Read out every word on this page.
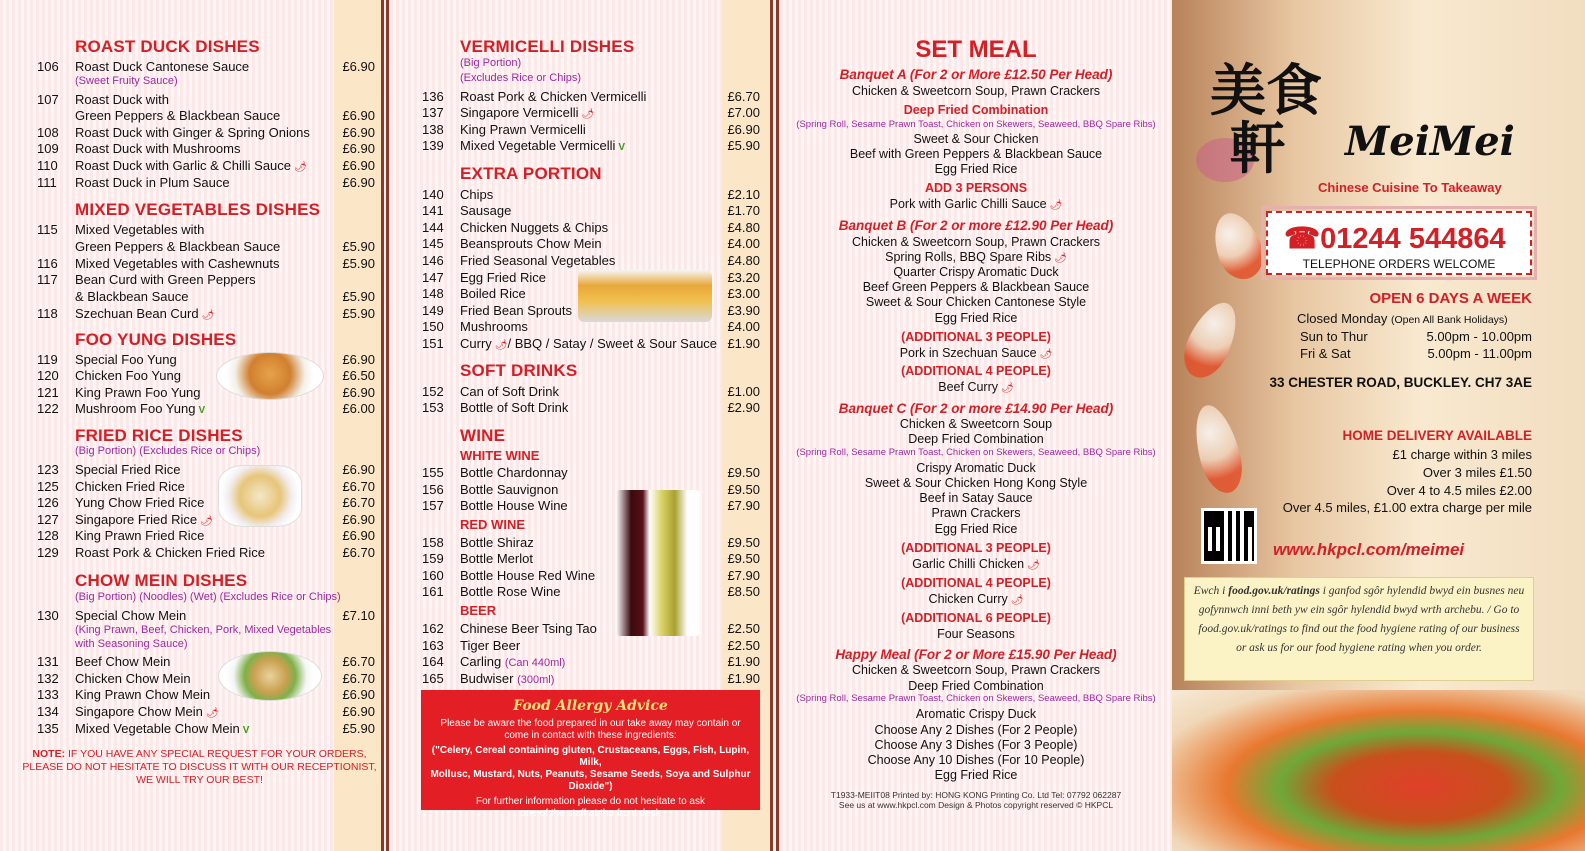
ROAST DUCK DISHES
106	Roast Duck Cantonese Sauce	£6.90
(Sweet Fruity Sauce)
107	Roast Duck with
Green Peppers & Blackbean Sauce	£6.90
108	Roast Duck with Ginger & Spring Onions	£6.90
109	Roast Duck with Mushrooms	£6.90
110	Roast Duck with Garlic & Chilli Sauce 🌶	£6.90
111	Roast Duck in Plum Sauce	£6.90
MIXED VEGETABLES DISHES
115	Mixed Vegetables with
Green Peppers & Blackbean Sauce	£5.90
116	Mixed Vegetables with Cashewnuts	£5.90
117	Bean Curd with Green Peppers
& Blackbean Sauce	£5.90
118	Szechuan Bean Curd 🌶	£5.90
FOO YUNG DISHES
119	Special Foo Yung	£6.90
120	Chicken Foo Yung	£6.50
121	King Prawn Foo Yung	£6.90
122	Mushroom Foo Yung V	£6.00
FRIED RICE DISHES
(Big Portion) (Excludes Rice or Chips)
123	Special Fried Rice	£6.90
125	Chicken Fried Rice	£6.70
126	Yung Chow Fried Rice	£6.70
127	Singapore Fried Rice 🌶	£6.90
128	King Prawn Fried Rice	£6.90
129	Roast Pork & Chicken Fried Rice	£6.70
CHOW MEIN DISHES
(Big Portion) (Noodles) (Wet) (Excludes Rice or Chips)
130	Special Chow Mein	£7.10
(King Prawn, Beef, Chicken, Pork, Mixed Vegetables
with Seasoning Sauce)
131	Beef Chow Mein	£6.70
132	Chicken Chow Mein	£6.70
133	King Prawn Chow Mein	£6.90
134	Singapore Chow Mein 🌶	£6.90
135	Mixed Vegetable Chow Mein V	£5.90
NOTE: IF YOU HAVE ANY SPECIAL REQUEST FOR YOUR ORDERS,
PLEASE DO NOT HESITATE TO DISCUSS IT WITH OUR RECEPTIONIST,
WE WILL TRY OUR BEST!
VERMICELLI DISHES
(Big Portion)
(Excludes Rice or Chips)
136	Roast Pork & Chicken Vermicelli	£6.70
137	Singapore Vermicelli 🌶	£7.00
138	King Prawn Vermicelli	£6.90
139	Mixed Vegetable Vermicelli V	£5.90
EXTRA PORTION
140	Chips	£2.10
141	Sausage	£1.70
144	Chicken Nuggets & Chips	£4.80
145	Beansprouts Chow Mein	£4.00
146	Fried Seasonal Vegetables	£4.80
147	Egg Fried Rice	£3.20
148	Boiled Rice	£3.00
149	Fried Bean Sprouts	£3.90
150	Mushrooms	£4.00
151	Curry 🌶/ BBQ / Satay / Sweet & Sour Sauce £1.90
SOFT DRINKS
152	Can of Soft Drink	£1.00
153	Bottle of Soft Drink	£2.90
WINE
WHITE WINE
155	Bottle Chardonnay	£9.50
156	Bottle Sauvignon	£9.50
157	Bottle House Wine	£7.90
RED WINE
158	Bottle Shiraz	£9.50
159	Bottle Merlot	£9.50
160	Bottle House Red Wine	£7.90
161	Bottle Rose Wine	£8.50
BEER
162	Chinese Beer Tsing Tao	£2.50
163	Tiger Beer	£2.50
164	Carling (Can 440ml)	£1.90
165	Budwiser (300ml)	£1.90
Food Allergy Advice
Please be aware the food prepared in our take away may contain or
come in contact with these ingredients:
("Celery, Cereal containing gluten, Crustaceans, Eggs, Fish, Lupin, Milk,
Mollusc, Mustard, Nuts, Peanuts, Sesame Seeds, Soya and Sulphur Dioxide")
For further information please do not hesitate to ask
one of the staff at the front desk
SET MEAL
Banquet A (For 2 or More £12.50 Per Head)
Chicken & Sweetcorn Soup, Prawn Crackers
Deep Fried Combination
(Spring Roll, Sesame Prawn Toast, Chicken on Skewers, Seaweed, BBQ Spare Ribs)
Sweet & Sour Chicken
Beef with Green Peppers & Blackbean Sauce
Egg Fried Rice
ADD 3 PERSONS
Pork with Garlic Chilli Sauce 🌶
Banquet B (For 2 or more £12.90 Per Head)
Chicken & Sweetcorn Soup, Prawn Crackers
Spring Rolls, BBQ Spare Ribs 🌶
Quarter Crispy Aromatic Duck
Beef Green Peppers & Blackbean Sauce
Sweet & Sour Chicken Cantonese Style
Egg Fried Rice
(ADDITIONAL 3 PEOPLE)
Pork in Szechuan Sauce 🌶
(ADDITIONAL 4 PEOPLE)
Beef Curry 🌶
Banquet C (For 2 or more £14.90 Per Head)
Chicken & Sweetcorn Soup
Deep Fried Combination
(Spring Roll, Sesame Prawn Toast, Chicken on Skewers, Seaweed, BBQ Spare Ribs)
Crispy Aromatic Duck
Sweet & Sour Chicken Hong Kong Style
Beef in Satay Sauce
Prawn Crackers
Egg Fried Rice
(ADDITIONAL 3 PEOPLE)
Garlic Chilli Chicken 🌶
(ADDITIONAL 4 PEOPLE)
Chicken Curry 🌶
(ADDITIONAL 6 PEOPLE)
Four Seasons
Happy Meal (For 2 or More £15.90 Per Head)
Chicken & Sweetcorn Soup, Prawn Crackers
Deep Fried Combination
(Spring Roll, Sesame Prawn Toast, Chicken on Skewers, Seaweed, BBQ Spare Ribs)
Aromatic Crispy Duck
Choose Any 2 Dishes (For 2 People)
Choose Any 3 Dishes (For 3 People)
Choose Any 10 Dishes (For 10 People)
Egg Fried Rice
T1933-MEIIT08 Printed by: HONG KONG Printing Co. Ltd Tel: 07792 062287
See us at www.hkpcl.com Design & Photos copyright reserved © HKPCL
美食
軒	MeiMei
Chinese Cuisine To Takeaway
☎01244 544864
TELEPHONE ORDERS WELCOME
OPEN 6 DAYS A WEEK
Closed Monday (Open All Bank Holidays)
Sun to Thur	5.00pm - 10.00pm
Fri & Sat	5.00pm - 11.00pm
33 CHESTER ROAD, BUCKLEY. CH7 3AE
HOME DELIVERY AVAILABLE
£1 charge within 3 miles
Over 3 miles £1.50
Over 4 to 4.5 miles £2.00
Over 4.5 miles, £1.00 extra charge per mile
www.hkpcl.com/meimei
Ewch i food.gov.uk/ratings i ganfod sgôr hylendid bwyd ein busnes neu gofynnwch inni beth yw ein sgôr hylendid bwyd wrth archebu. / Go to food.gov.uk/ratings to find out the food hygiene rating of our business or ask us for our food hygiene rating when you order.
